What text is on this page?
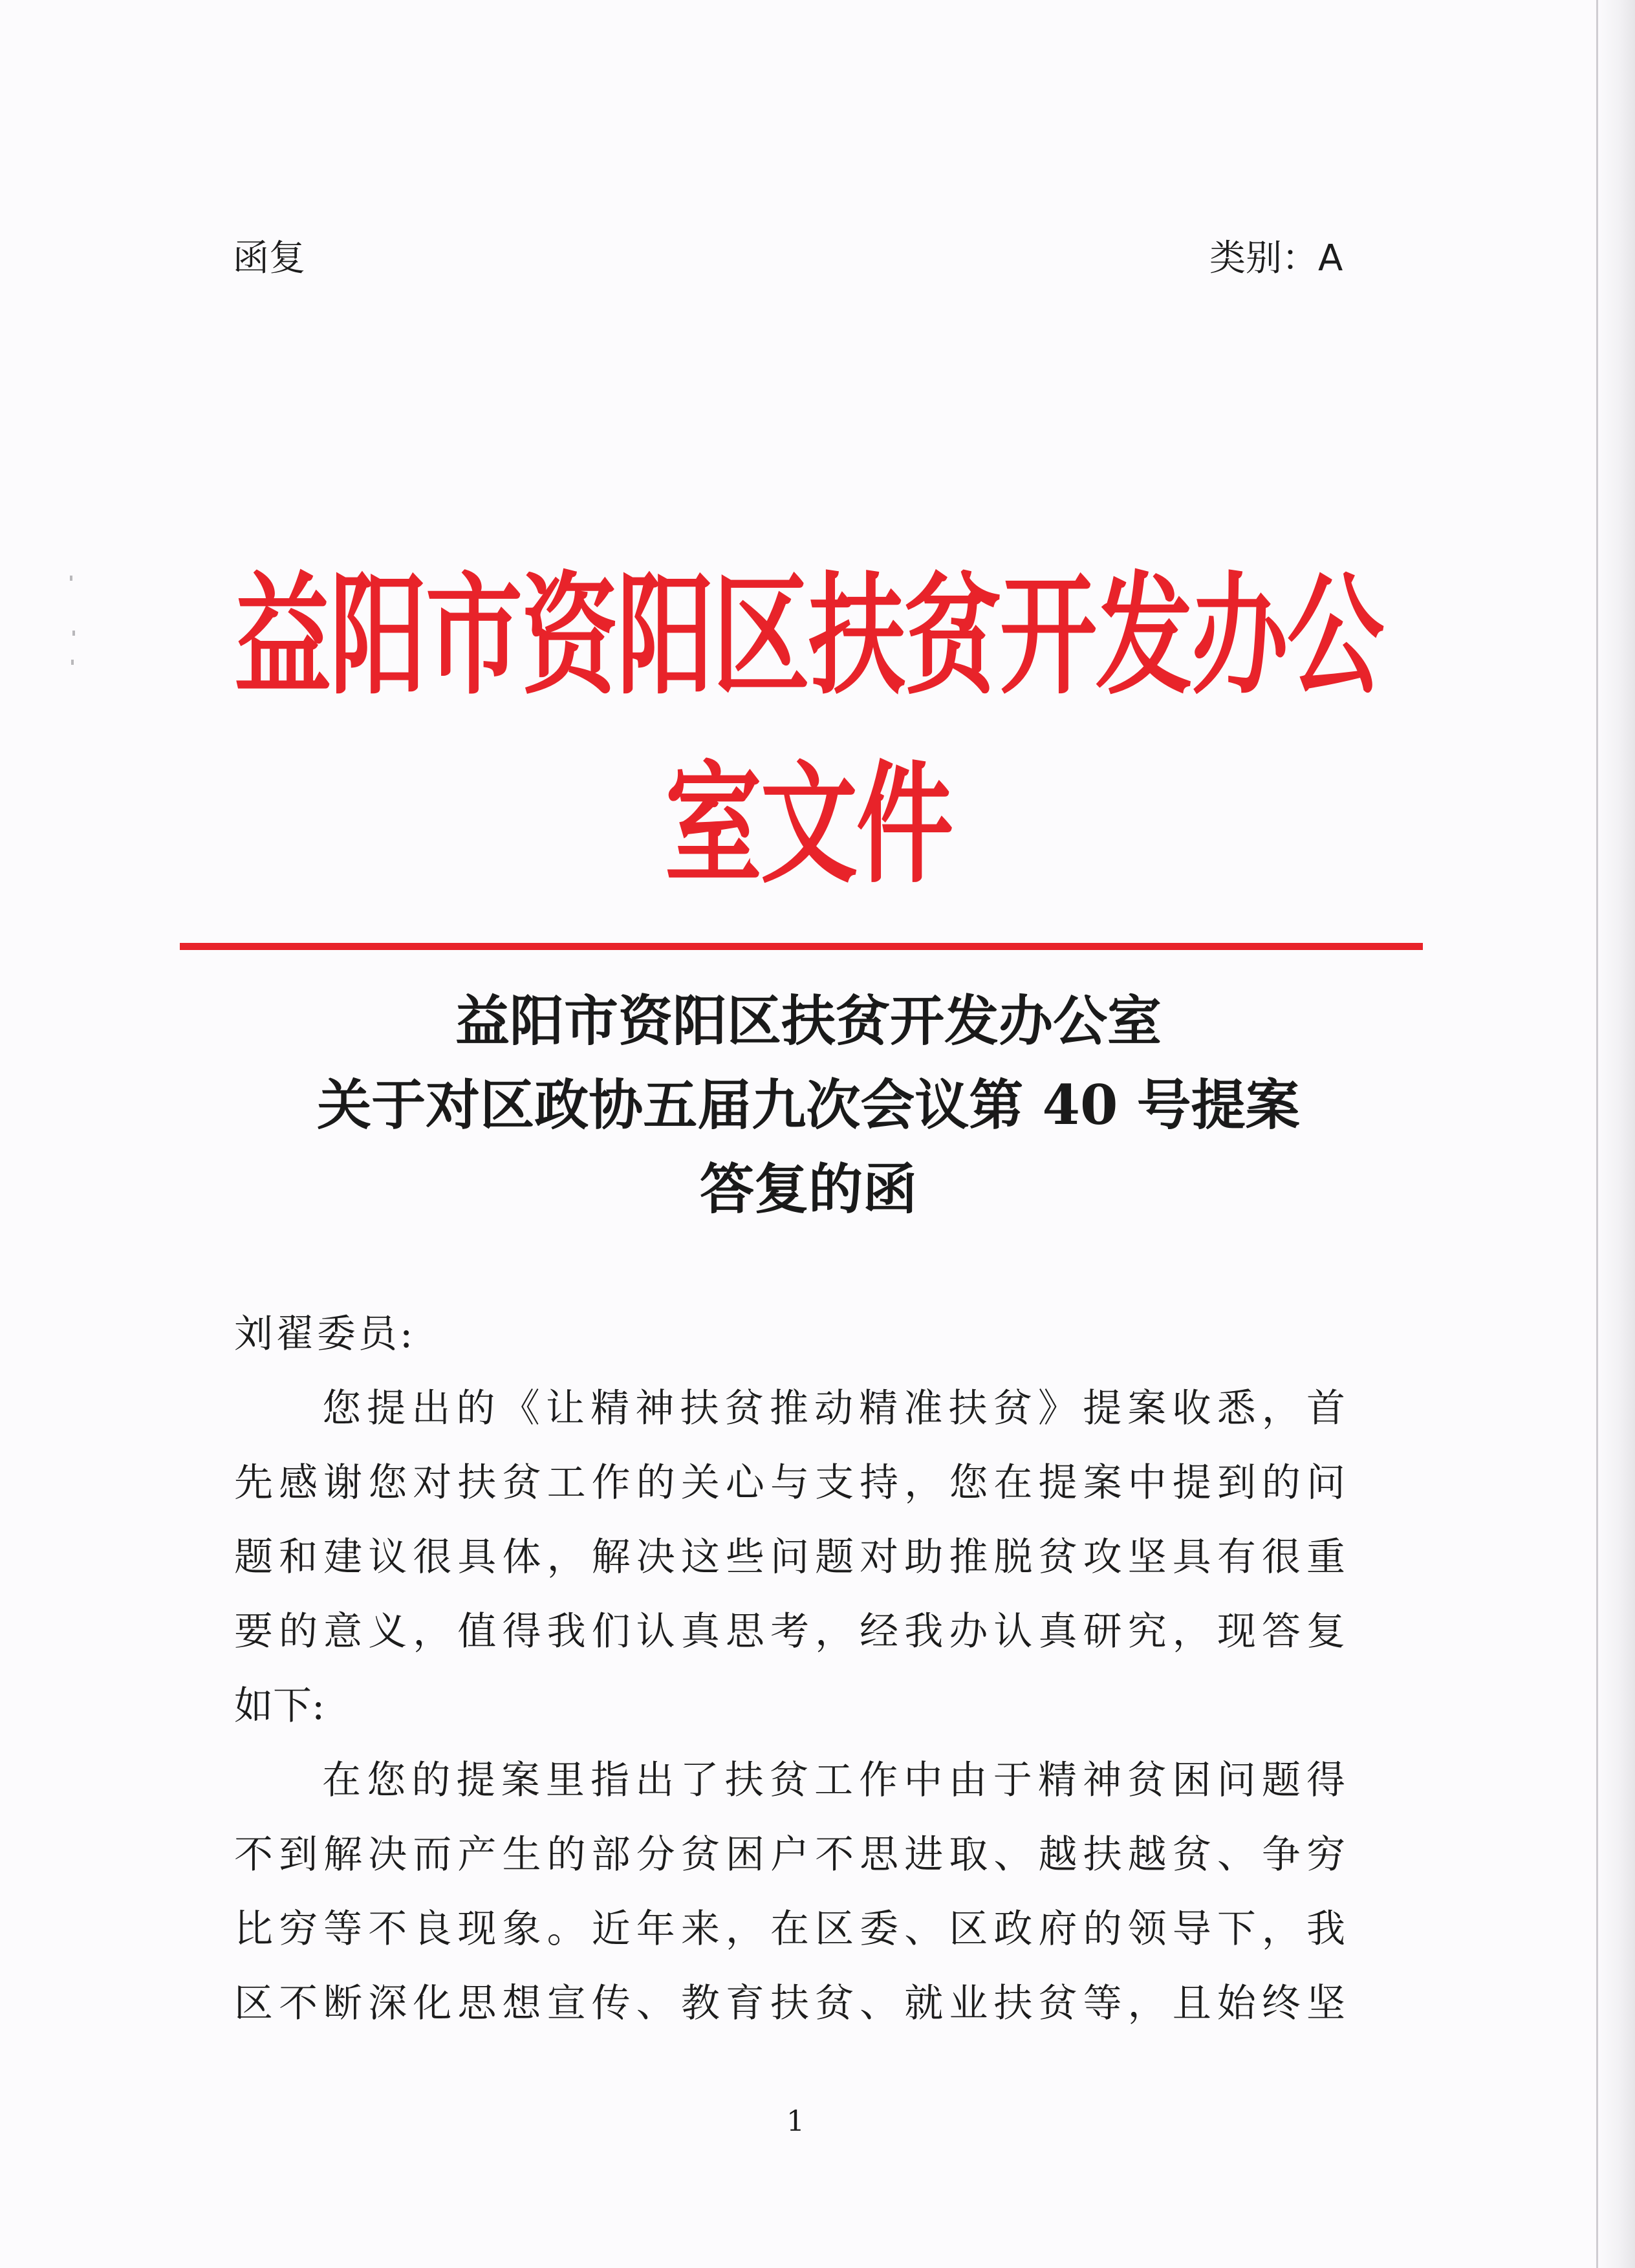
函复	类别：A
益阳市资阳区扶贫开发办公室文件
益阳市资阳区扶贫开发办公室
关于对区政协五届九次会议第 40 号提案
答复的函
刘翟委员:
您提出的《让精神扶贫推动精准扶贫》提案收悉，首
先感谢您对扶贫工作的关心与支持，您在提案中提到的问
题和建议很具体，解决这些问题对助推脱贫攻坚具有很重
要的意义，值得我们认真思考，经我办认真研究，现答复
如下:
在您的提案里指出了扶贫工作中由于精神贫困问题得
不到解决而产生的部分贫困户不思进取、越扶越贫、争穷
比穷等不良现象。近年来，在区委、区政府的领导下，我
区不断深化思想宣传、教育扶贫、就业扶贫等，且始终坚
1
